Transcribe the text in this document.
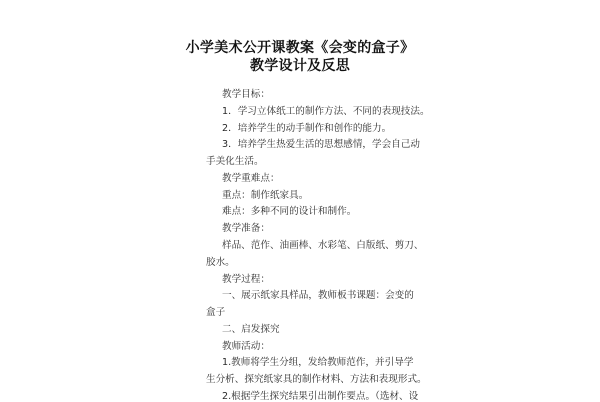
小学美术公开课教案《会变的盒子》
教学设计及反思
教学目标：
1．学习立体纸工的制作方法、不同的表现技法。
2．培养学生的动手制作和创作的能力。
3．培养学生热爱生活的思想感情，学会自己动
手美化生活。
教学重难点：
重点：制作纸家具。
难点：多种不同的设计和制作。
教学准备：
样品、范作、油画棒、水彩笔、白版纸、剪刀、
胶水。
教学过程：
一、展示纸家具样品，教师板书课题：会变的
盒子
二、启发探究
教师活动：
1.教师将学生分组，发给教师范作，并引导学
生分析、探究纸家具的制作材料、方法和表现形式。
2.根据学生探究结果引出制作要点。（选材、设
